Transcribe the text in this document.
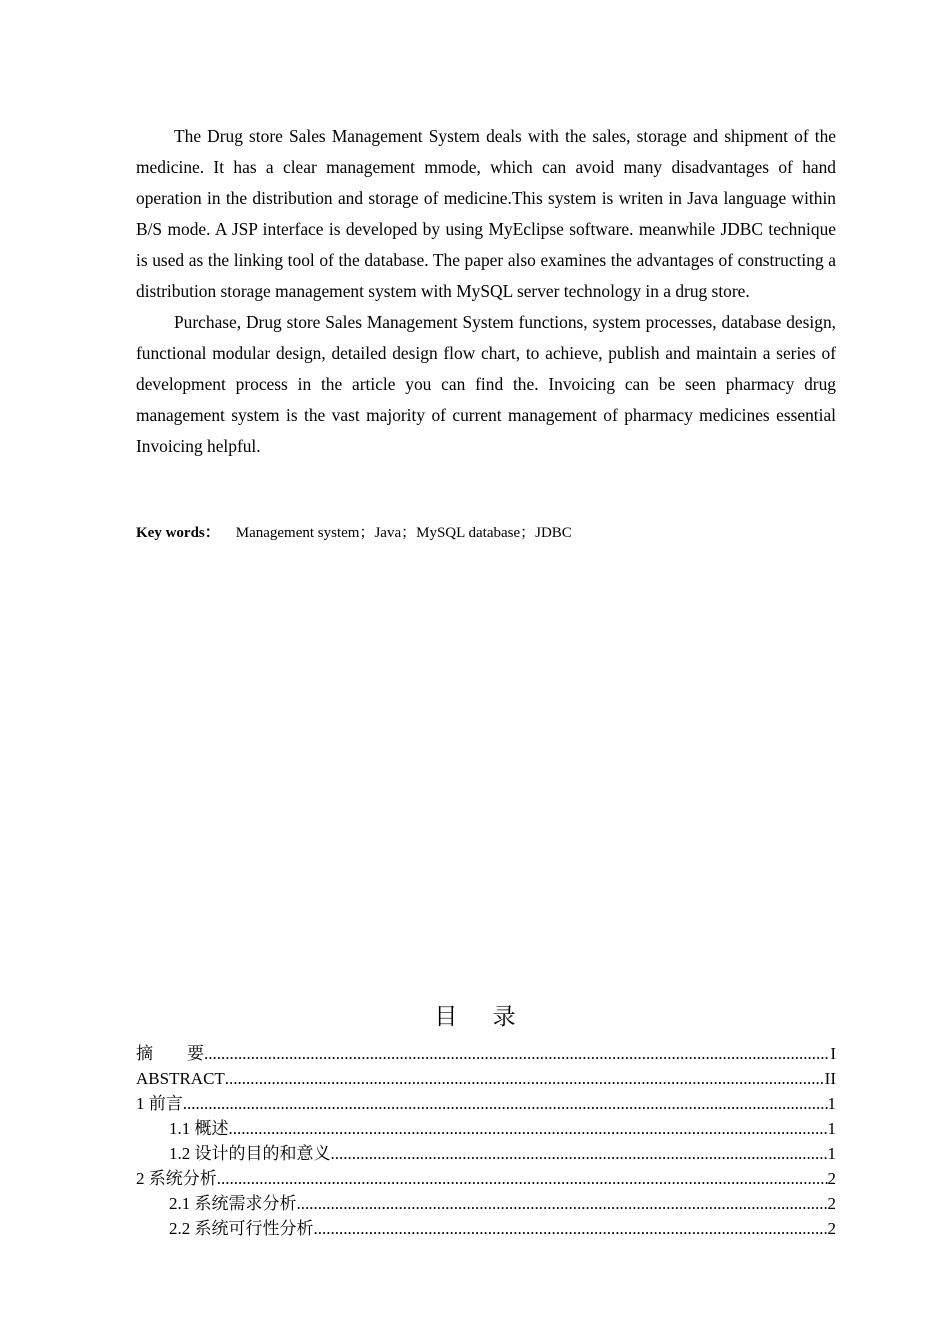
The Drug store Sales Management System deals with the sales, storage and shipment of the medicine. It has a clear management mmode, which can avoid many disadvantages of hand operation in the distribution and storage of medicine.This system is writen in Java language within B/S mode. A JSP interface is developed by using MyEclipse software. meanwhile JDBC technique is used as the linking tool of the database. The paper also examines the advantages of constructing a distribution storage management system with MySQL server technology in a drug store.

Purchase, Drug store Sales Management System functions, system processes, database design, functional modular design, detailed design flow chart, to achieve, publish and maintain a series of development process in the article you can find the. Invoicing can be seen pharmacy drug management system is the vast majority of current management of pharmacy medicines essential Invoicing helpful.

Key words： Management system；Java；MySQL database；JDBC
目 录
摘　　要 .....	I
ABSTRACT .....	II
1 前言 .....	1
1.1 概述 .....	1
1.2 设计的目的和意义 .....	1
2 系统分析 .....	2
2.1 系统需求分析 .....	2
2.2 系统可行性分析 .....	2
